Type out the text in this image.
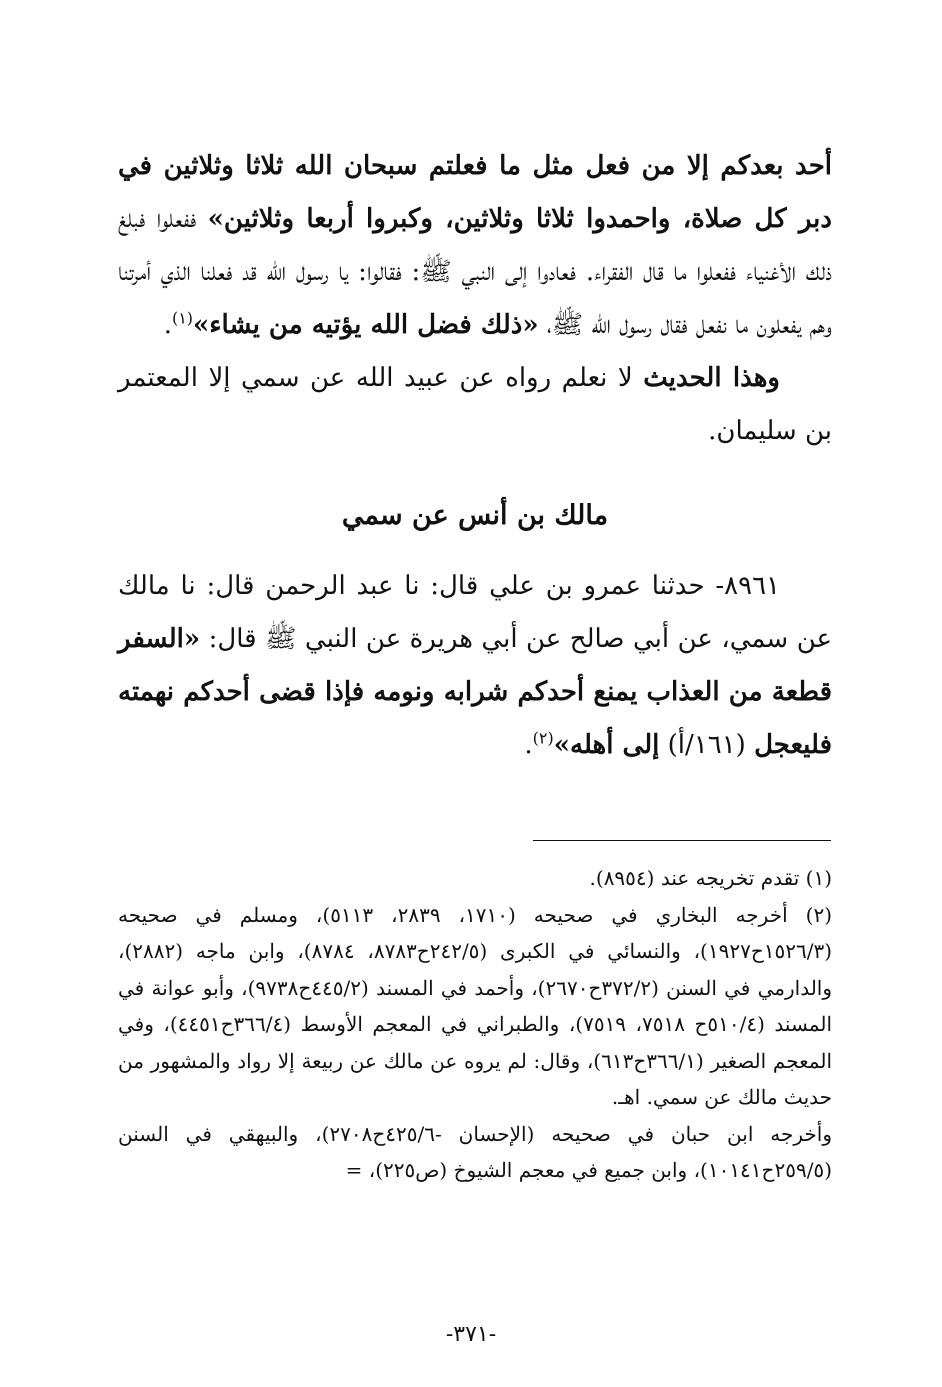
أحد بعدكم إلا من فعل مثل ما فعلتم سبحان الله ثلاثا وثلاثين في دبر كل صلاة، واحمدوا ثلاثا وثلاثين، وكبروا أربعا وثلاثين» ففعلوا فبلغ ذلك الأغنياء ففعلوا ما قال الفقراء. فعادوا إلى النبي ﷺ: فقالوا: يا رسول الله قد فعلنا الذي أمرتنا وهم يفعلون ما نفعل فقال رسول الله ﷺ، «ذلك فضل الله يؤتيه من يشاء»$^{(١)}$.

وهذا الحديث لا نعلم رواه عن عبيد الله عن سمي إلا المعتمر بن سليمان.

مالك بن أنس عن سمي

٨٩٦١- حدثنا عمرو بن علي قال: نا عبد الرحمن قال: نا مالك عن سمي، عن أبي صالح عن أبي هريرة عن النبي ﷺ قال: «السفر قطعة من العذاب يمنع أحدكم شرابه ونومه فإذا قضى أحدكم نهمته فليعجل (١٦١/أ) إلى أهله»$^{(٢)}$.

(١) تقدم تخريجه عند (٨٩٥٤).

(٢) أخرجه البخاري في صحيحه (١٧١٠، ٢٨٣٩، ٥١١٣)، ومسلم في صحيحه (١٥٢٦/٣ح١٩٢٧)، والنسائي في الكبرى (٢٤٢/٥ح٨٧٨٣، ٨٧٨٤)، وابن ماجه (٢٨٨٢)، والدارمي في السنن (٣٧٢/٢ح٢٦٧٠)، وأحمد في المسند (٤٤٥/٢ح٩٧٣٨)، وأبو عوانة في المسند (٥١٠/٤ح ٧٥١٨، ٧٥١٩)، والطبراني في المعجم الأوسط (٣٦٦/٤ح٤٤٥١)، وفي المعجم الصغير (٣٦٦/١ح٦١٣)، وقال: لم يروه عن مالك عن ربيعة إلا رواد والمشهور من حديث مالك عن سمي. اهـ.

وأخرجه ابن حبان في صحيحه (الإحسان -٤٢٥/٦ح٢٧٠٨)، والبيهقي في السنن (٢٥٩/٥ح١٠١٤١)، وابن جميع في معجم الشيوخ (ص٢٢٥)، =

-٣٧١-
